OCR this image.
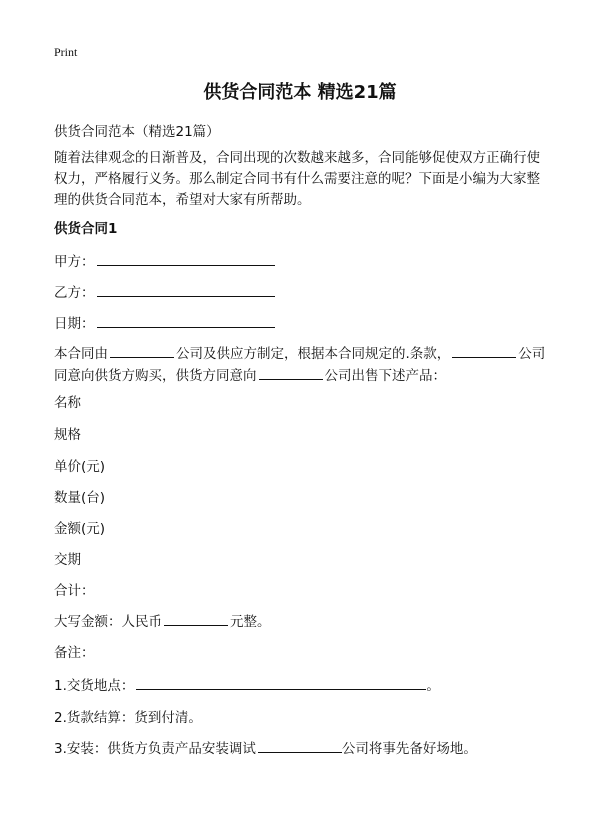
Print
供货合同范本 精选21篇
供货合同范本（精选21篇）
随着法律观念的日渐普及，合同出现的次数越来越多，合同能够促使双方正确行使权力，严格履行义务。那么制定合同书有什么需要注意的呢？下面是小编为大家整理的供货合同范本，希望对大家有所帮助。
供货合同1
甲方：
乙方：
日期：
本合同由	公司及供应方制定，根据本合同规定的.条款，	公司同意向供货方购买，供货方同意向	公司出售下述产品：
名称
规格
单价(元)
数量(台)
金额(元)
交期
合计：
大写金额：人民币	元整。
备注：
1.交货地点：	。
2.货款结算：货到付清。
3.安装：供货方负责产品安装调试	公司将事先备好场地。
